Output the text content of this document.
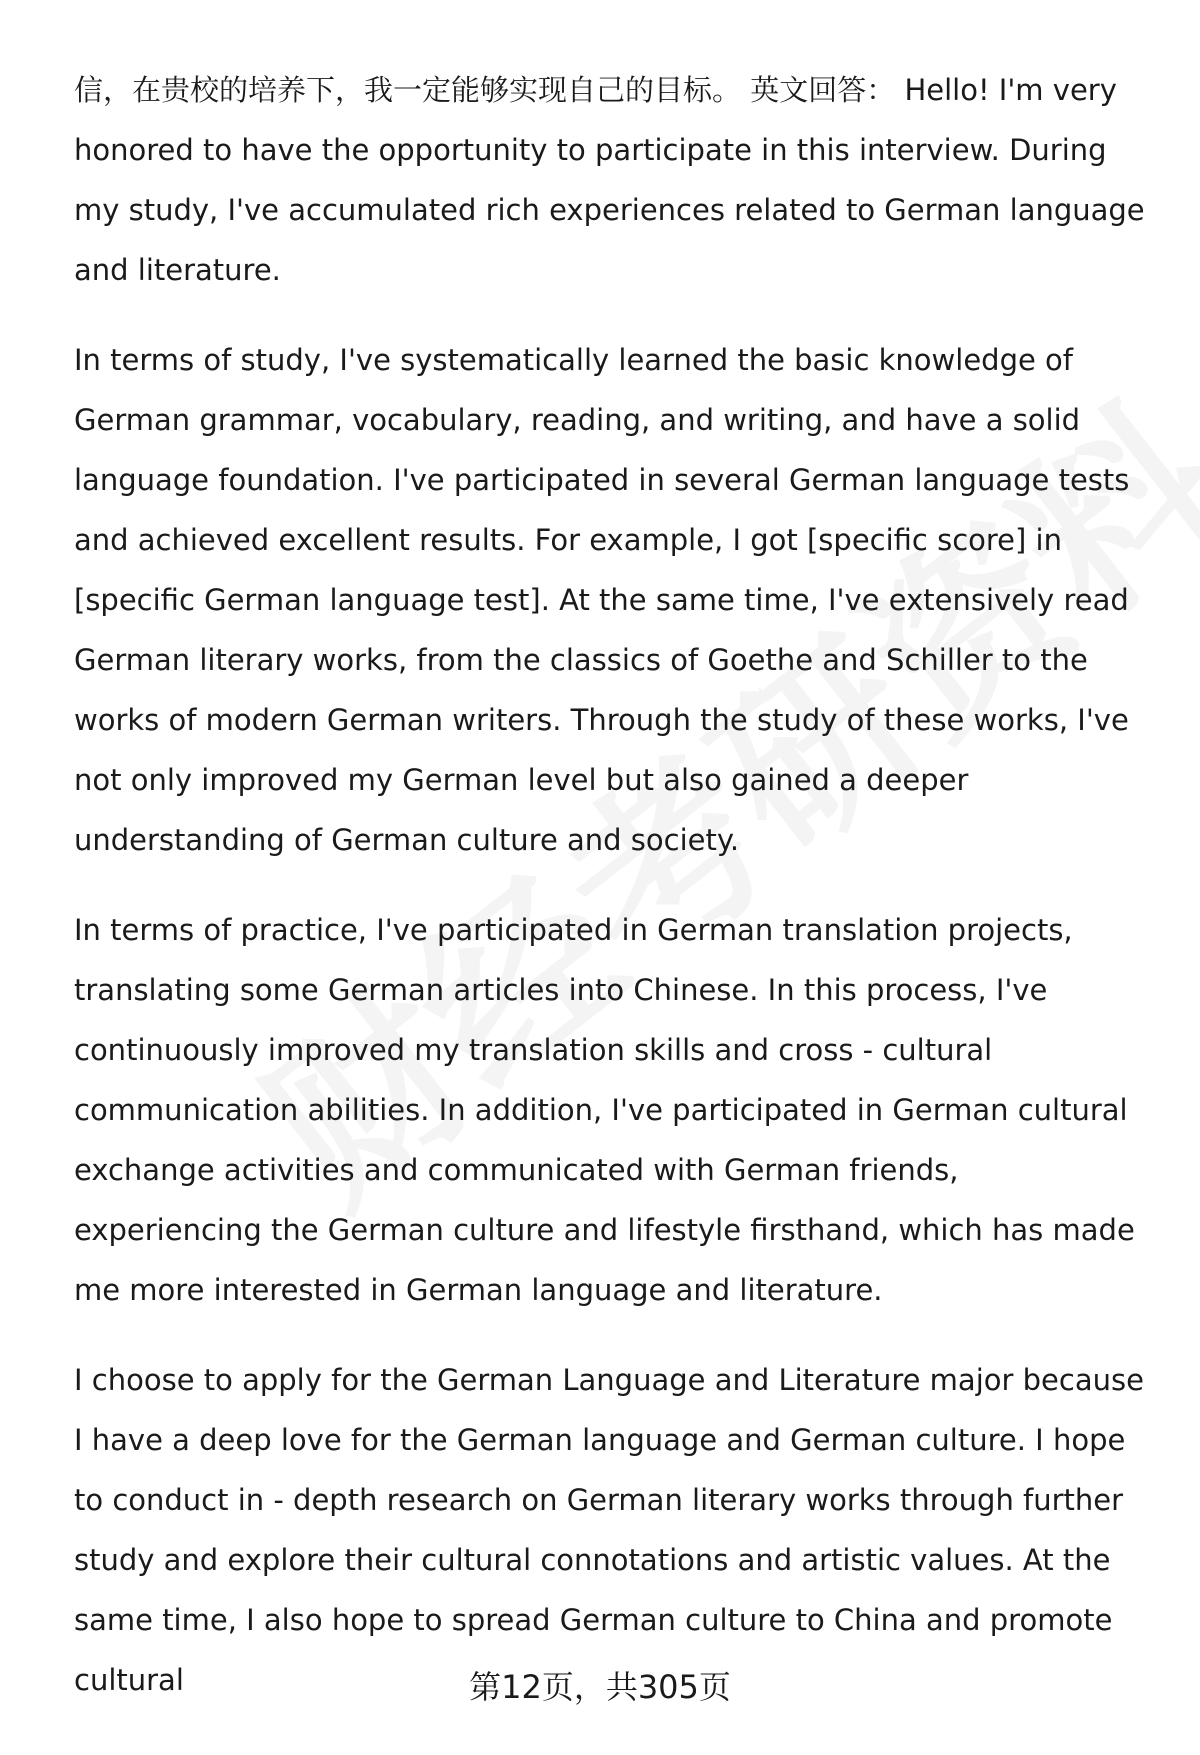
信，在贵校的培养下，我一定能够实现自己的目标。 英文回答： Hello! I'm very honored to have the opportunity to participate in this interview. During my study, I've accumulated rich experiences related to German language and literature.

In terms of study, I've systematically learned the basic knowledge of German grammar, vocabulary, reading, and writing, and have a solid language foundation. I've participated in several German language tests and achieved excellent results. For example, I got [specific score] in [specific German language test]. At the same time, I've extensively read German literary works, from the classics of Goethe and Schiller to the works of modern German writers. Through the study of these works, I've not only improved my German level but also gained a deeper understanding of German culture and society.

In terms of practice, I've participated in German translation projects, translating some German articles into Chinese. In this process, I've continuously improved my translation skills and cross - cultural communication abilities. In addition, I've participated in German cultural exchange activities and communicated with German friends, experiencing the German culture and lifestyle firsthand, which has made me more interested in German language and literature.

I choose to apply for the German Language and Literature major because I have a deep love for the German language and German culture. I hope to conduct in - depth research on German literary works through further study and explore their cultural connotations and artistic values. At the same time, I also hope to spread German culture to China and promote cultural	第12页，共305页
